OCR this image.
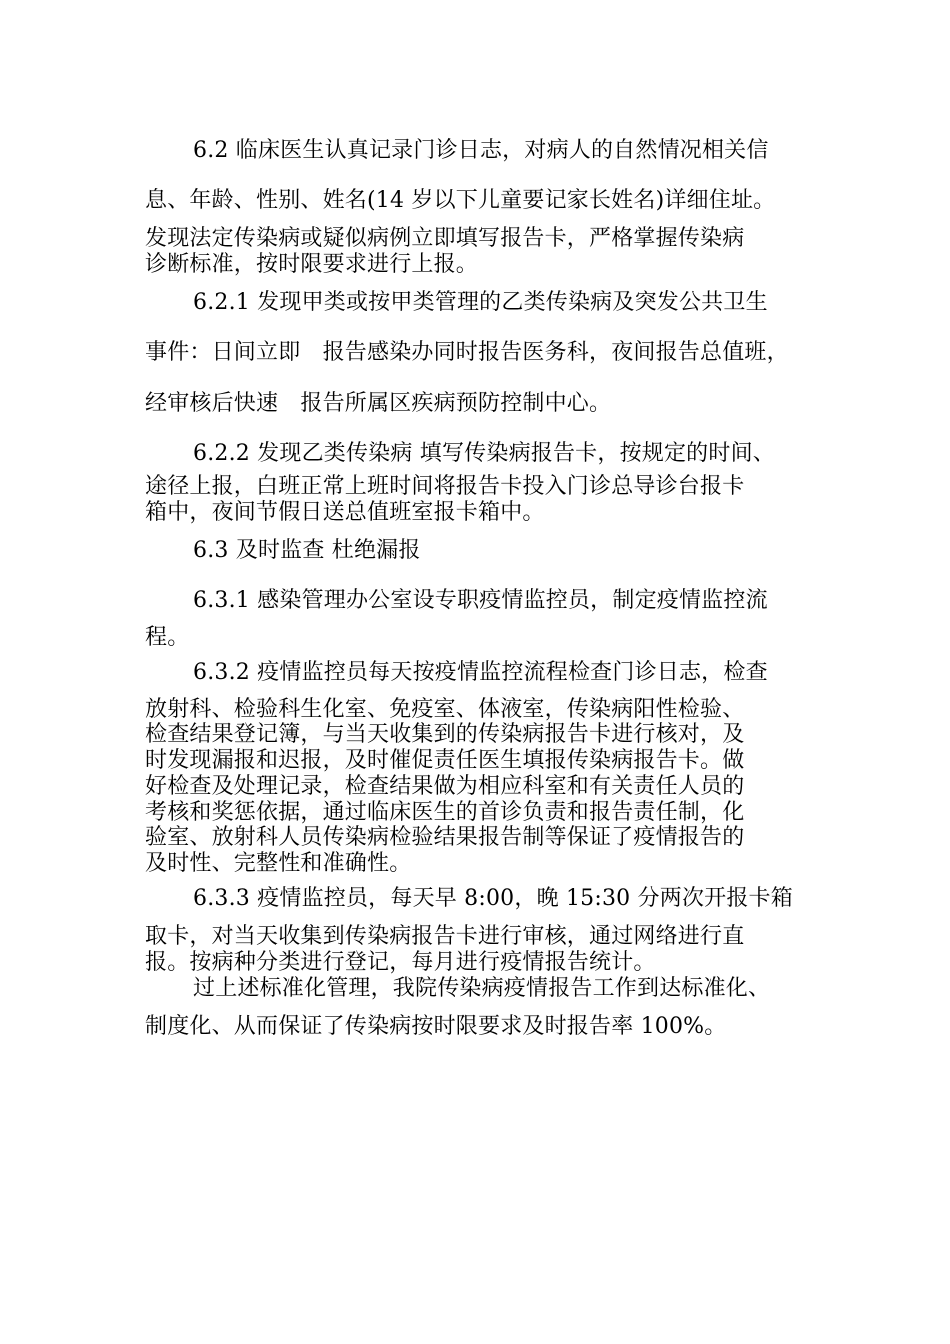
6.2 临床医生认真记录门诊日志，对病人的自然情况相关信
息、年龄、性别、姓名(14 岁以下儿童要记家长姓名)详细住址。
发现法定传染病或疑似病例立即填写报告卡，严格掌握传染病
诊断标准，按时限要求进行上报。
6.2.1 发现甲类或按甲类管理的乙类传染病及突发公共卫生
事件：日间立即　报告感染办同时报告医务科，夜间报告总值班，
经审核后快速　报告所属区疾病预防控制中心。
6.2.2 发现乙类传染病 填写传染病报告卡，按规定的时间、
途径上报，白班正常上班时间将报告卡投入门诊总导诊台报卡
箱中，夜间节假日送总值班室报卡箱中。
6.3 及时监查 杜绝漏报
6.3.1 感染管理办公室设专职疫情监控员，制定疫情监控流
程。
6.3.2 疫情监控员每天按疫情监控流程检查门诊日志，检查
放射科、检验科生化室、免疫室、体液室，传染病阳性检验、
检查结果登记簿，与当天收集到的传染病报告卡进行核对，及
时发现漏报和迟报，及时催促责任医生填报传染病报告卡。做
好检查及处理记录，检查结果做为相应科室和有关责任人员的
考核和奖惩依据，通过临床医生的首诊负责和报告责任制，化
验室、放射科人员传染病检验结果报告制等保证了疫情报告的
及时性、完整性和准确性。
6.3.3 疫情监控员，每天早 8:00，晚 15:30 分两次开报卡箱
取卡，对当天收集到传染病报告卡进行审核，通过网络进行直
报。按病种分类进行登记，每月进行疫情报告统计。
过上述标准化管理，我院传染病疫情报告工作到达标准化、
制度化、从而保证了传染病按时限要求及时报告率 100%。
